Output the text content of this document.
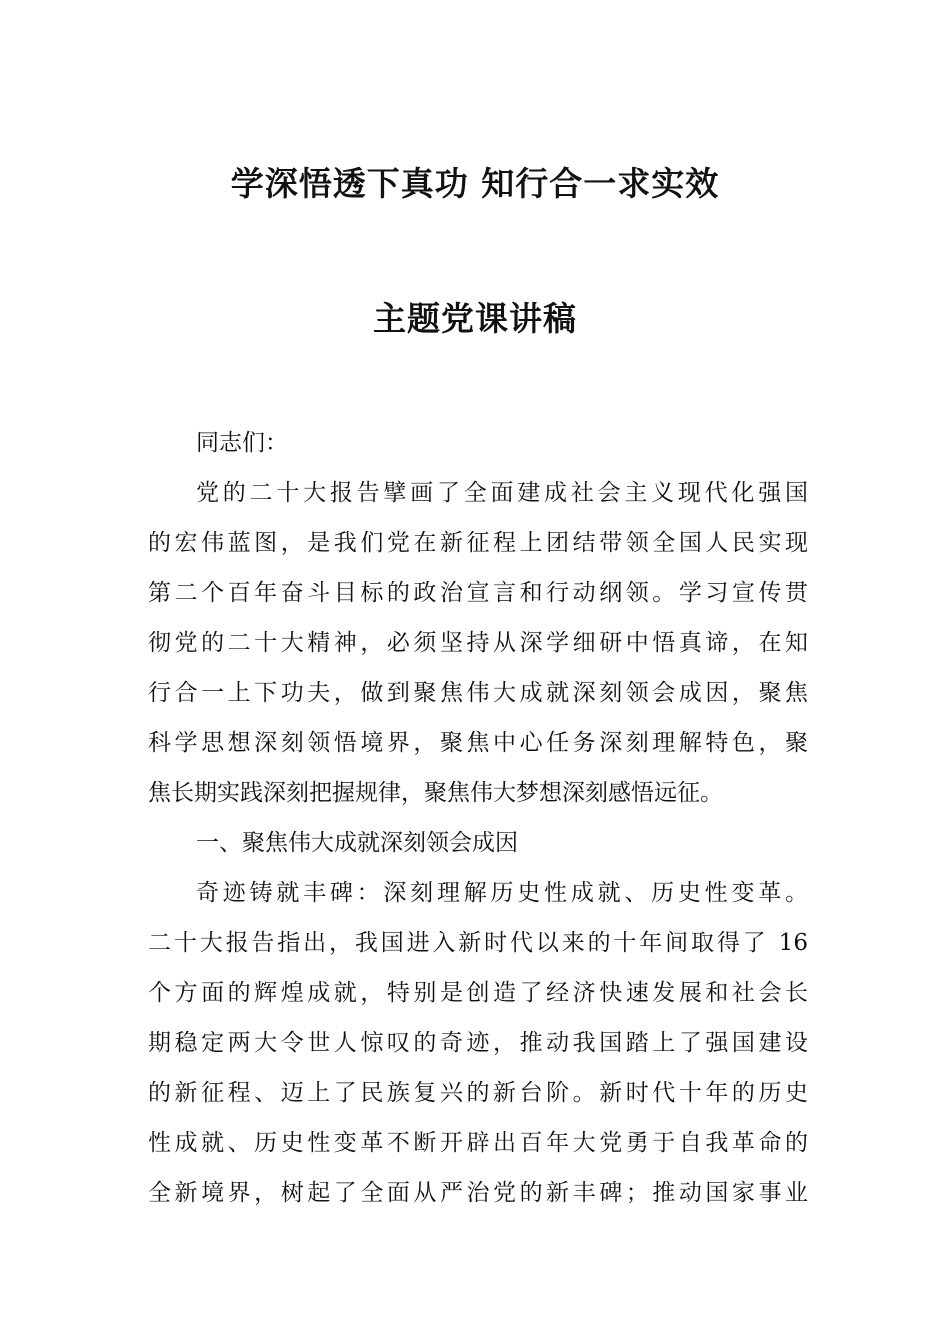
学深悟透下真功 知行合一求实效
主题党课讲稿
同志们：
党的二十大报告擘画了全面建成社会主义现代化强国
的宏伟蓝图，是我们党在新征程上团结带领全国人民实现
第二个百年奋斗目标的政治宣言和行动纲领。学习宣传贯
彻党的二十大精神，必须坚持从深学细研中悟真谛，在知
行合一上下功夫，做到聚焦伟大成就深刻领会成因，聚焦
科学思想深刻领悟境界，聚焦中心任务深刻理解特色，聚
焦长期实践深刻把握规律，聚焦伟大梦想深刻感悟远征。
一、聚焦伟大成就深刻领会成因
奇迹铸就丰碑：深刻理解历史性成就、历史性变革。
二十大报告指出，我国进入新时代以来的十年间取得了 16
个方面的辉煌成就，特别是创造了经济快速发展和社会长
期稳定两大令世人惊叹的奇迹，推动我国踏上了强国建设
的新征程、迈上了民族复兴的新台阶。新时代十年的历史
性成就、历史性变革不断开辟出百年大党勇于自我革命的
全新境界，树起了全面从严治党的新丰碑；推动国家事业
